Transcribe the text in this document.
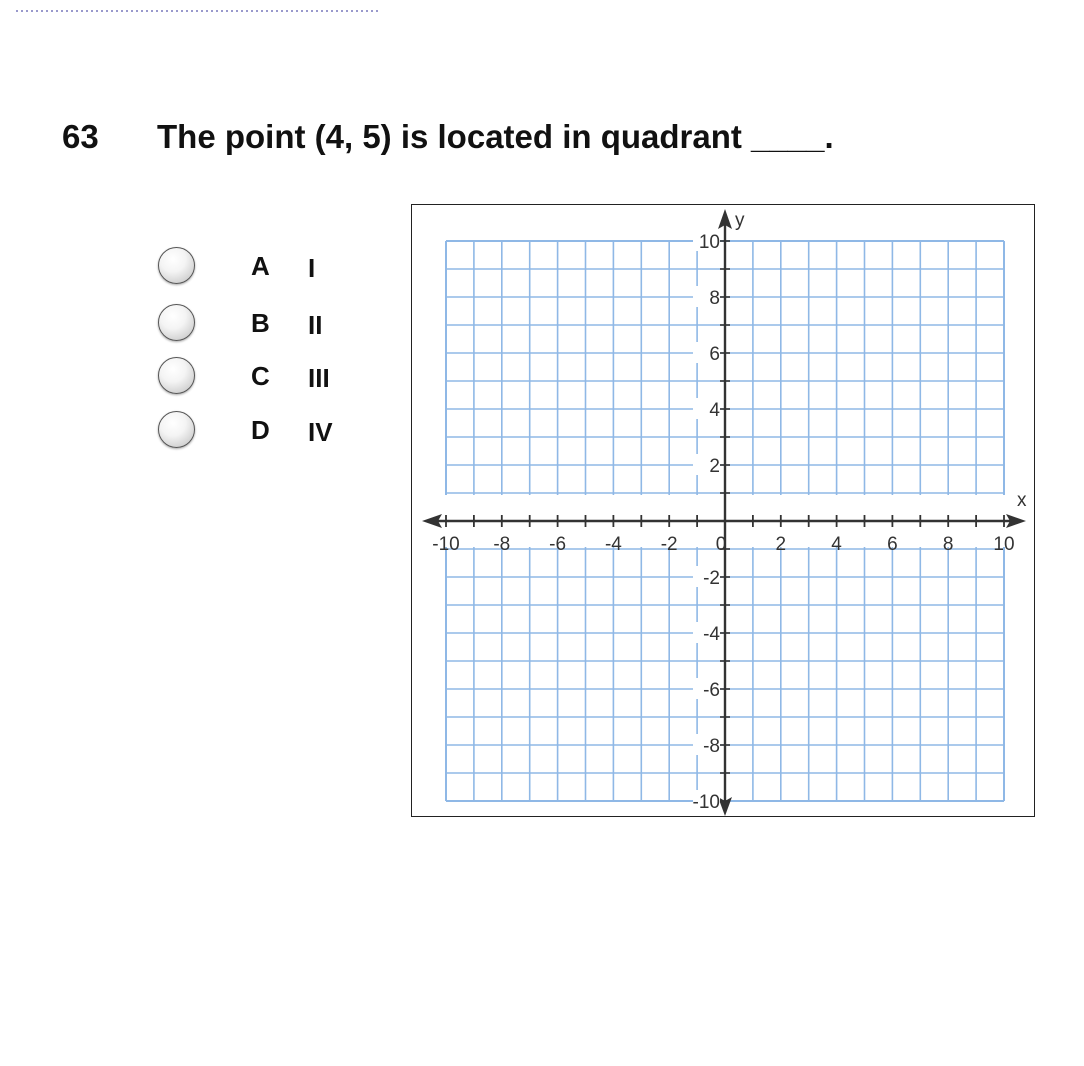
63 The point (4, 5) is located in quadrant ____.
A I
B II
C III
D IV
-10 -8 -6 -4 -2 0	2 4 6 8 10
10
8
6
4
2
-2
-4
-6
-8
-10
x
y
